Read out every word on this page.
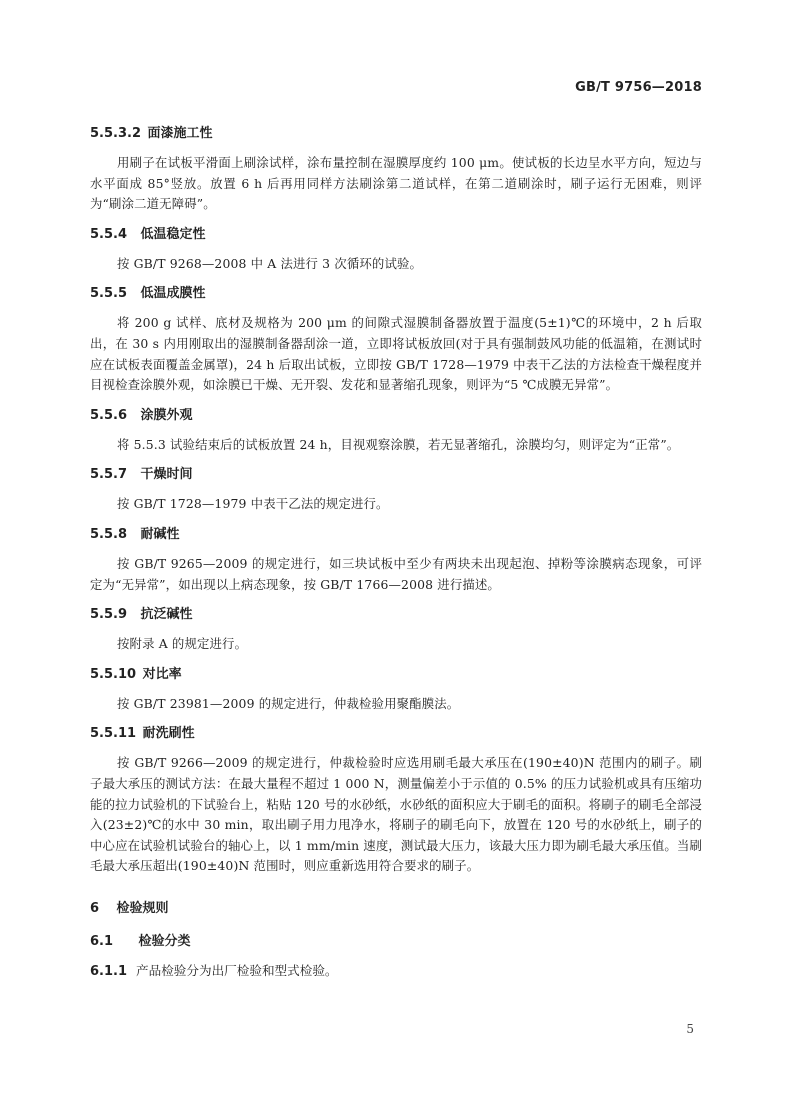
GB/T 9756—2018
5.5.3.2 面漆施工性

用刷子在试板平滑面上刷涂试样，涂布量控制在湿膜厚度约 100 μm。使试板的长边呈水平方向，短边与水平面成 85°竖放。放置 6 h 后再用同样方法刷涂第二道试样，在第二道刷涂时，刷子运行无困难，则评为“刷涂二道无障碍”。

5.5.4 低温稳定性

按 GB/T 9268—2008 中 A 法进行 3 次循环的试验。

5.5.5 低温成膜性

将 200 g 试样、底材及规格为 200 μm 的间隙式湿膜制备器放置于温度(5±1)℃的环境中，2 h 后取出，在 30 s 内用刚取出的湿膜制备器刮涂一道，立即将试板放回(对于具有强制鼓风功能的低温箱，在测试时应在试板表面覆盖金属罩)，24 h 后取出试板，立即按 GB/T 1728—1979 中表干乙法的方法检查干燥程度并目视检查涂膜外观，如涂膜已干燥、无开裂、发花和显著缩孔现象，则评为“5 ℃成膜无异常”。

5.5.6 涂膜外观

将 5.5.3 试验结束后的试板放置 24 h，目视观察涂膜，若无显著缩孔，涂膜均匀，则评定为“正常”。

5.5.7 干燥时间

按 GB/T 1728—1979 中表干乙法的规定进行。

5.5.8 耐碱性

按 GB/T 9265—2009 的规定进行，如三块试板中至少有两块未出现起泡、掉粉等涂膜病态现象，可评定为“无异常”，如出现以上病态现象，按 GB/T 1766—2008 进行描述。

5.5.9 抗泛碱性

按附录 A 的规定进行。

5.5.10 对比率

按 GB/T 23981—2009 的规定进行，仲裁检验用聚酯膜法。

5.5.11 耐洗刷性

按 GB/T 9266—2009 的规定进行，仲裁检验时应选用刷毛最大承压在(190±40)N 范围内的刷子。刷子最大承压的测试方法：在最大量程不超过 1 000 N，测量偏差小于示值的 0.5% 的压力试验机或具有压缩功能的拉力试验机的下试验台上，粘贴 120 号的水砂纸，水砂纸的面积应大于刷毛的面积。将刷子的刷毛全部浸入(23±2)℃的水中 30 min，取出刷子用力甩净水，将刷子的刷毛向下，放置在 120 号的水砂纸上，刷子的中心应在试验机试验台的轴心上，以 1 mm/min 速度，测试最大压力，该最大压力即为刷毛最大承压值。当刷毛最大承压超出(190±40)N 范围时，则应重新选用符合要求的刷子。

6 检验规则
6.1 检验分类

6.1.1 产品检验分为出厂检验和型式检验。

5
